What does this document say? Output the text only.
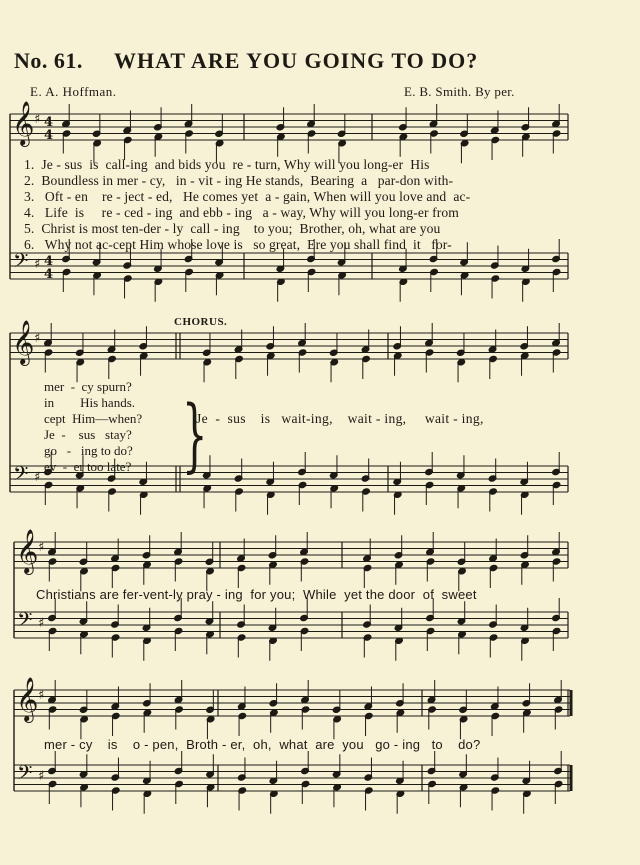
No. 61. WHAT ARE YOU GOING TO DO?
E. A. Hoffman.	E. B. Smith. By per.
𝄞
𝄢
♯
♯
4
4
4
4
𝄞
𝄢
♯
♯
𝄞
𝄢
♯
♯
𝄞
𝄢
♯
♯
}
1.  Je - sus  is  call-ing  and bids you  re - turn, Why will you long-er  His
2.  Boundless in mer - cy,   in - vit - ing He stands,  Bearing  a   par-don with-
3.   Oft - en    re - ject - ed,   He comes yet  a - gain, When will you love and  ac-
4.   Life  is     re - ced - ing  and ebb - ing   a - way, Why will you long-er from
5.  Christ is most ten-der - ly  call - ing    to you;  Brother, oh, what are you
6.   Why not ac-cept Him whose love is   so great,  Ere you shall find  it   for-
CHORUS.
mer  -  cy spurn?
in        His hands.
cept  Him—when?
Je  -    sus   stay?
go   -   ing to do?
ev  -  er too late?
Je  -  sus    is   wait-ing,    wait - ing,     wait - ing,
Christians are fer-vent-ly pray - ing  for you;  While  yet the door  of  sweet
mer - cy    is    o - pen,  Broth - er,  oh,  what  are  you   go - ing   to    do?
